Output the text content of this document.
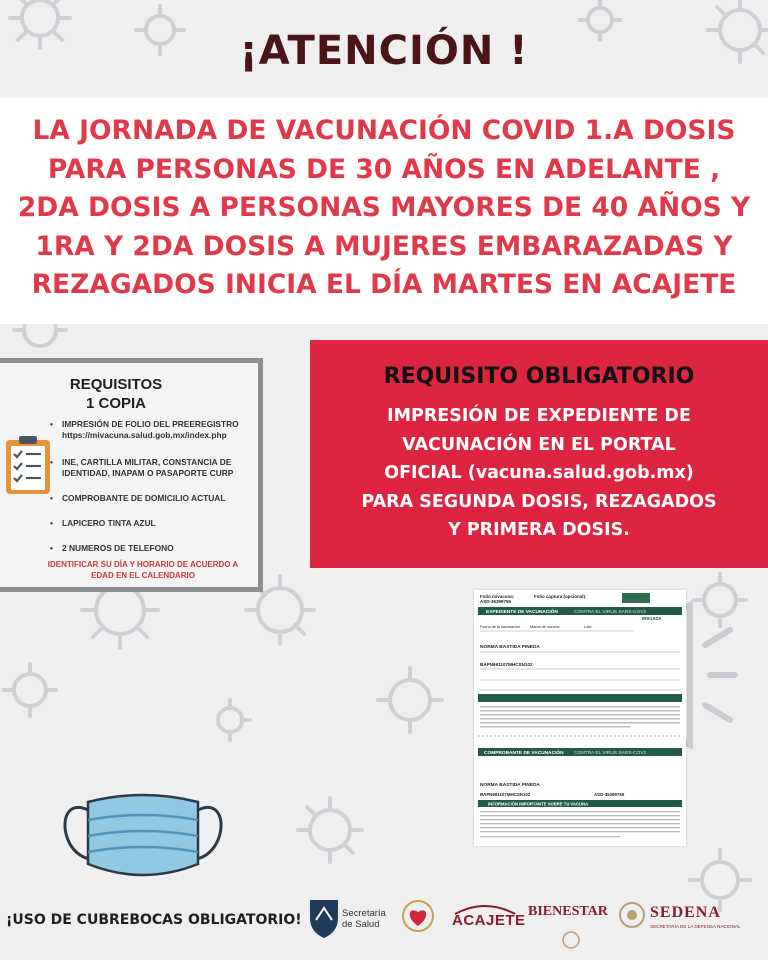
¡ATENCIÓN !

LA JORNADA DE VACUNACIÓN COVID 1.A DOSIS
PARA PERSONAS DE 30 AÑOS EN ADELANTE ,
2DA DOSIS A PERSONAS MAYORES DE 40 AÑOS Y
1RA Y 2DA DOSIS A MUJERES EMBARAZADAS Y
REZAGADOS INICIA EL DÍA MARTES EN ACAJETE

REQUISITOS
1 COPIA
• IMPRESIÓN DE FOLIO DEL PREEREGISTRO https://mivacuna.salud.gob.mx/index.php
• INE, CARTILLA MILITAR, CONSTANCIA DE IDENTIDAD, INAPAM O PASAPORTE CURP
• COMPROBANTE DE DOMICILIO ACTUAL
• LAPICERO TINTA AZUL
• 2 NUMEROS DE TELEFONO
IDENTIFICAR SU DÍA Y HORARIO DE ACUERDO A EDAD EN EL CALENDARIO
REQUISITO OBLIGATORIO

IMPRESIÓN DE EXPEDIENTE DE
VACUNACIÓN EN EL PORTAL
OFICIAL (vacuna.salud.gob.mx)
PARA SEGUNDA DOSIS, REZAGADOS
Y PRIMERA DOSIS.

Folio mivacuna:
ASD-35399755
Folio captura (opcional):
EXPEDIENTE DE VACUNACIÓN	CONTRA EL VIRUS SARS-COV2
BRIGADA
Fecha de la vacunación	Marca de vacuna:	Lote:
NORMA BASTIDA PINEDA
BAPN691107MHCSN102
COMPROBANTE DE VACUNACIÓN CONTRA EL VIRUS SARS-COV2
NORMA BASTIDA PINEDA
BAPN691107MHCSN102	ASD-35399755
INFORMACIÓN IMPORTANTE SOBRE TU VACUNA
¡USO DE CUBREBOCAS OBLIGATORIO!	Secretaría
de Salud	ACAJETE
BIENESTAR	SEDENA
SECRETARÍA DE LA DEFENSA NACIONAL
